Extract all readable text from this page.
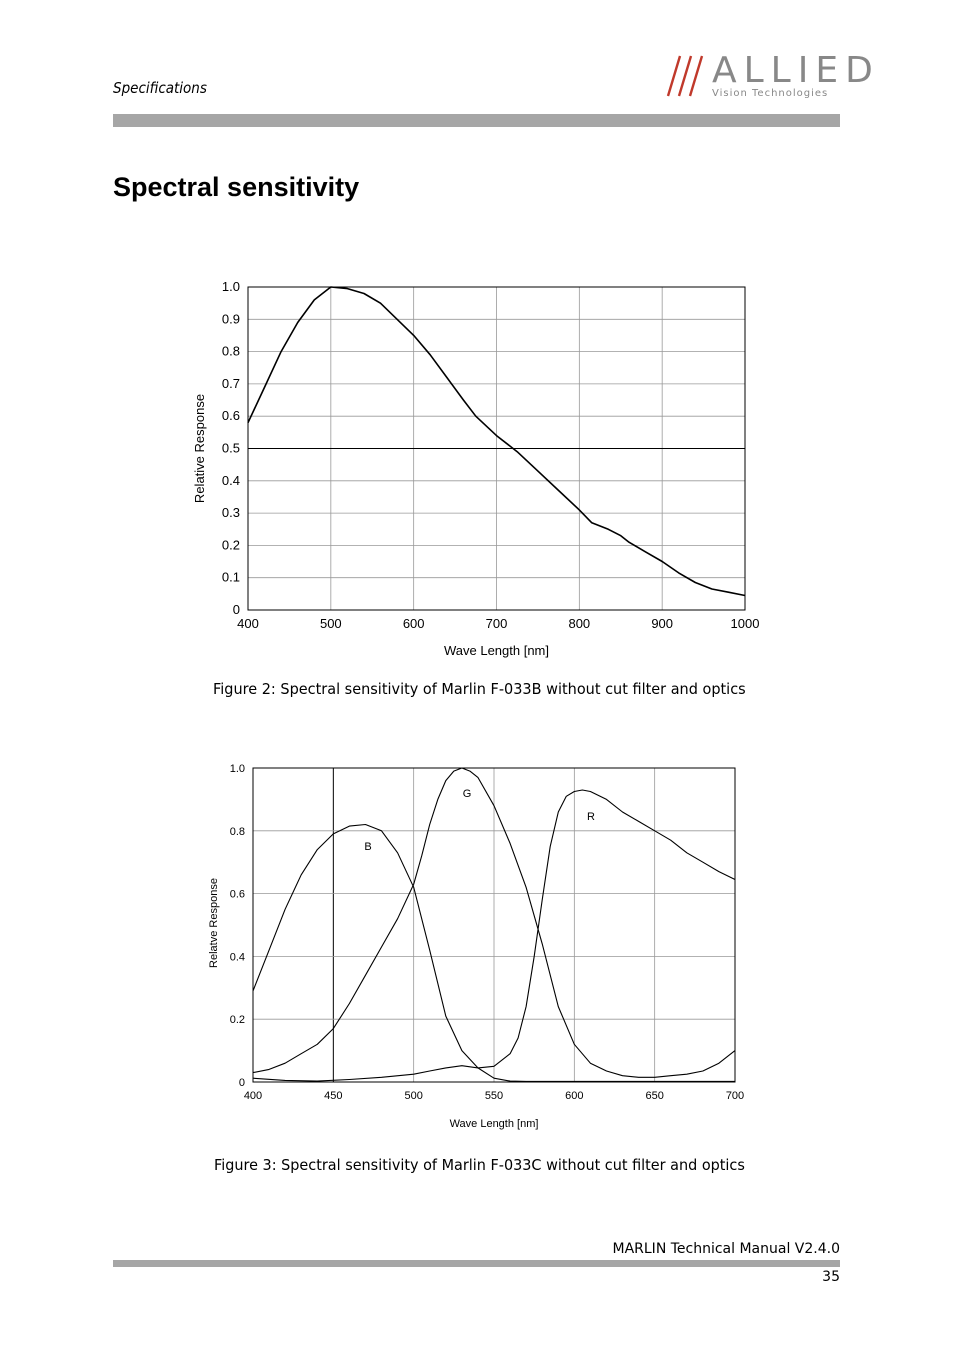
Specifications	ALLIED
Vision Technologies
Spectral sensitivity
400	500	600	700	800	900	1000
0
0.1
0.2
0.3
0.4
0.5
0.6
0.7
0.8
0.9
1.0
Wave Length [nm]
Relative Response
400	450	500	550	600	650	700
0
0.2
0.4
0.6
0.8
1.0
Wave Length [nm]
Relatve Response
B
G
R
Figure 2: Spectral sensitivity of Marlin F-033B without cut filter and optics
Figure 3: Spectral sensitivity of Marlin F-033C without cut filter and optics
MARLIN Technical Manual V2.4.0
35
